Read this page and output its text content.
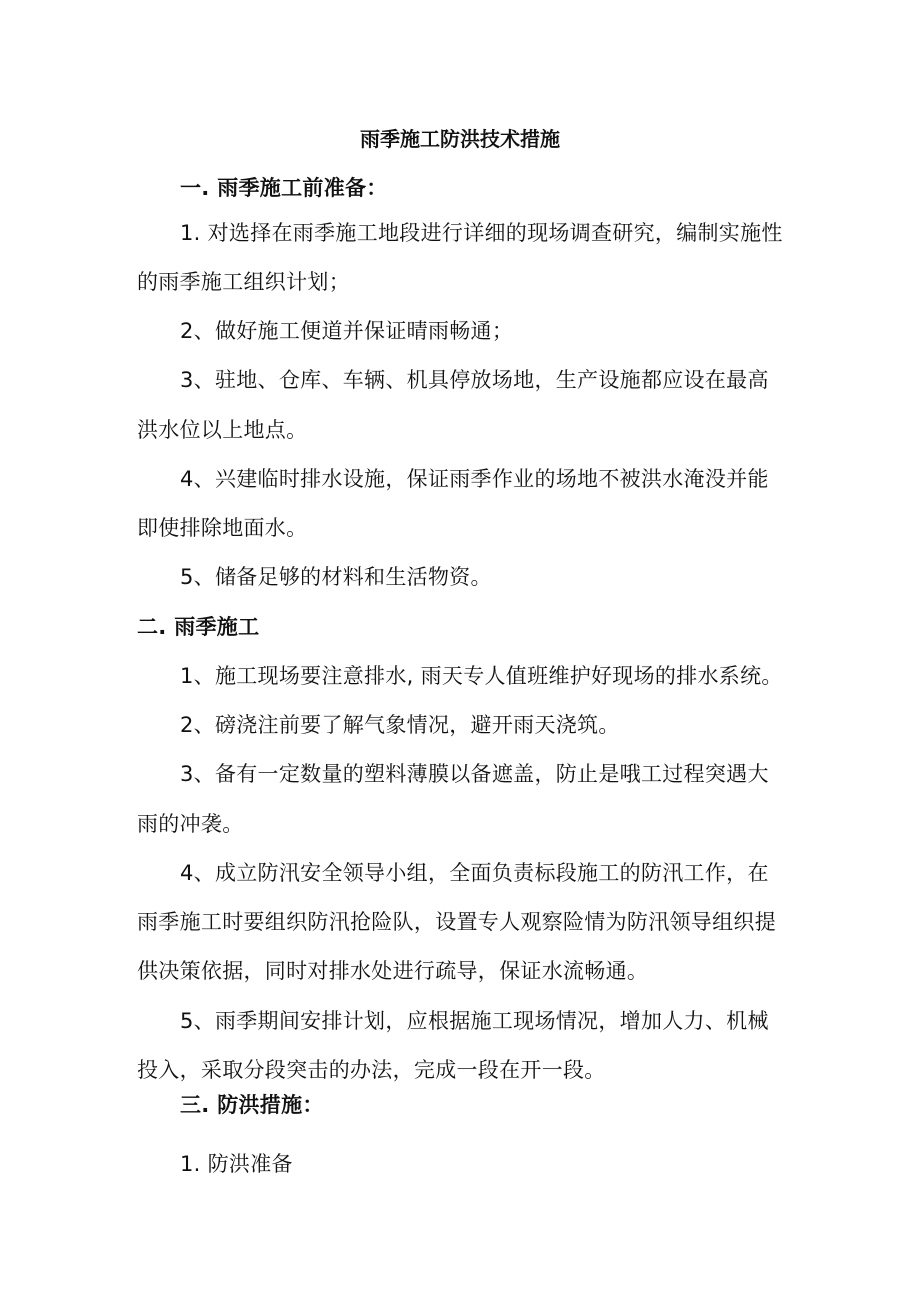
雨季施工防洪技术措施
一. 雨季施工前准备：
1. 对选择在雨季施工地段进行详细的现场调查研究，编制实施性
的雨季施工组织计划；
2、做好施工便道并保证晴雨畅通；
3、驻地、仓库、车辆、机具停放场地，生产设施都应设在最高
洪水位以上地点。
4、兴建临时排水设施，保证雨季作业的场地不被洪水淹没并能
即使排除地面水。
5、储备足够的材料和生活物资。
二. 雨季施工
1、施工现场要注意排水, 雨天专人值班维护好现场的排水系统。
2、磅浇注前要了解气象情况，避开雨天浇筑。
3、备有一定数量的塑料薄膜以备遮盖，防止是哦工过程突遇大
雨的冲袭。
4、成立防汛安全领导小组，全面负责标段施工的防汛工作，在
雨季施工时要组织防汛抢险队，设置专人观察险情为防汛领导组织提
供决策依据，同时对排水处进行疏导，保证水流畅通。
5、雨季期间安排计划，应根据施工现场情况，增加人力、机械
投入，采取分段突击的办法，完成一段在开一段。
三. 防洪措施：
1. 防洪准备
